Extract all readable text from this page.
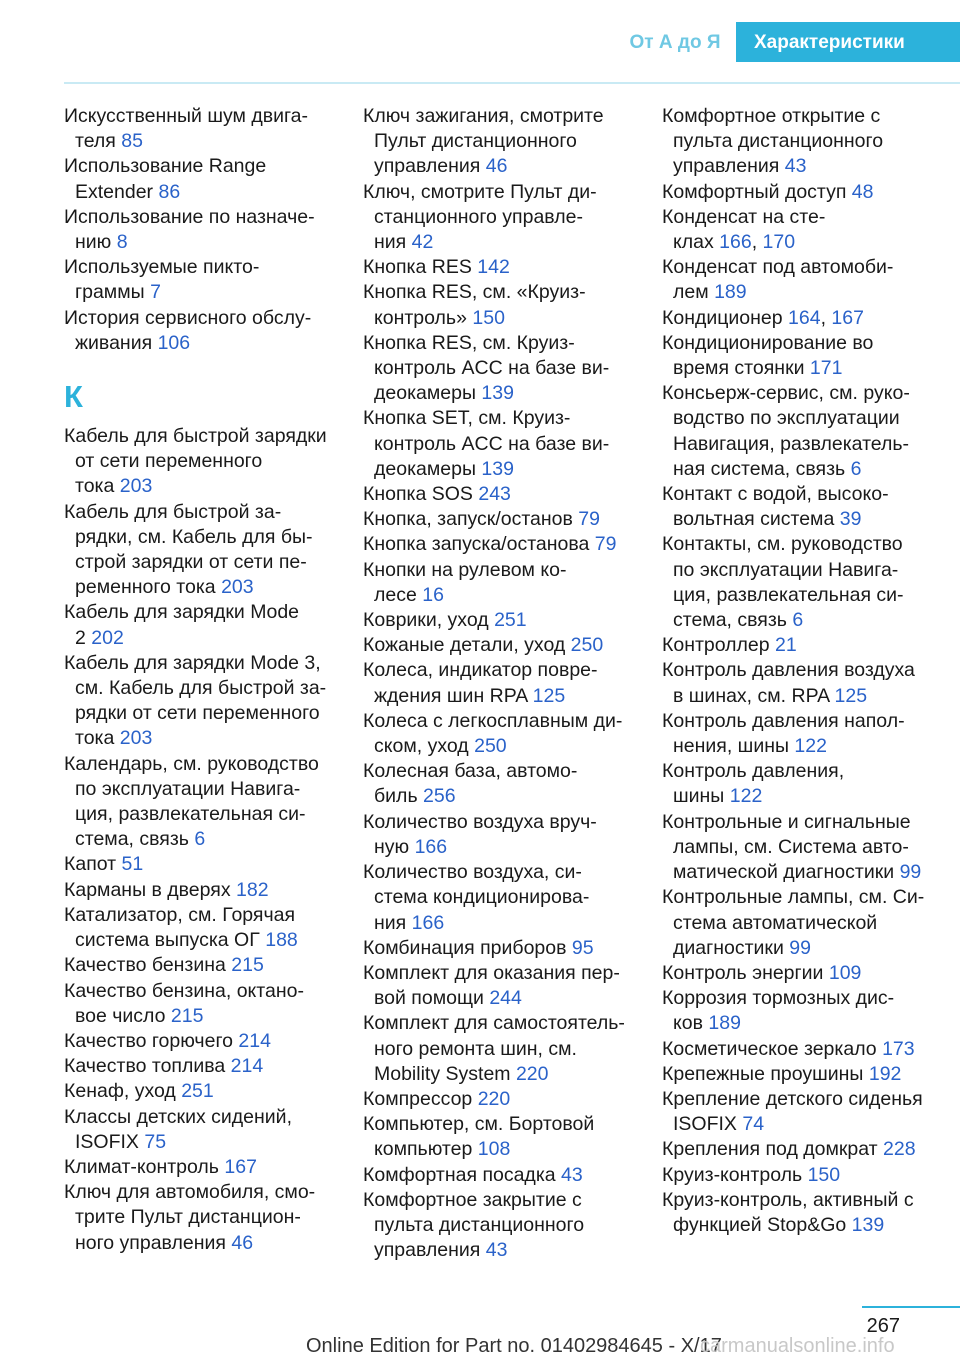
От А до Я	Характеристики
Искусственный шум двига-
теля 85
Использование Range
Extender 86
Использование по назначе-
нию 8
Используемые пикто-
граммы 7
История сервисного обслу-
живания 106
К
Кабель для быстрой зарядки
от сети переменного
тока 203
Кабель для быстрой за-
рядки, см. Кабель для бы-
строй зарядки от сети пе-
ременного тока 203
Кабель для зарядки Mode
2 202
Кабель для зарядки Mode 3,
см. Кабель для быстрой за-
рядки от сети переменного
тока 203
Календарь, см. руководство
по эксплуатации Навига-
ция, развлекательная си-
стема, связь 6
Капот 51
Карманы в дверях 182
Катализатор, см. Горячая
система выпуска ОГ 188
Качество бензина 215
Качество бензина, октано-
вое число 215
Качество горючего 214
Качество топлива 214
Кенаф, уход 251
Классы детских сидений,
ISOFIX 75
Климат-контроль 167
Ключ для автомобиля, смо-
трите Пульт дистанцион-
ного управления 46
Ключ зажигания, смотрите
Пульт дистанционного
управления 46
Ключ, смотрите Пульт ди-
станционного управле-
ния 42
Кнопка RES 142
Кнопка RES, см. «Круиз-
контроль» 150
Кнопка RES, см. Круиз-
контроль ACC на базе ви-
деокамеры 139
Кнопка SET, см. Круиз-
контроль ACC на базе ви-
деокамеры 139
Кнопка SOS 243
Кнопка, запуск/останов 79
Кнопка запуска/останова 79
Кнопки на рулевом ко-
лесе 16
Коврики, уход 251
Кожаные детали, уход 250
Колеса, индикатор повре-
ждения шин RPA 125
Колеса с легкосплавным ди-
ском, уход 250
Колесная база, автомо-
биль 256
Количество воздуха вруч-
ную 166
Количество воздуха, си-
стема кондиционирова-
ния 166
Комбинация приборов 95
Комплект для оказания пер-
вой помощи 244
Комплект для самостоятель-
ного ремонта шин, см.
Mobility System 220
Компрессор 220
Компьютер, см. Бортовой
компьютер 108
Комфортная посадка 43
Комфортное закрытие с
пульта дистанционного
управления 43
Комфортное открытие с
пульта дистанционного
управления 43
Комфортный доступ 48
Конденсат на сте-
клах 166, 170
Конденсат под автомоби-
лем 189
Кондиционер 164, 167
Кондиционирование во
время стоянки 171
Консьерж-сервис, см. руко-
водство по эксплуатации
Навигация, развлекатель-
ная система, связь 6
Контакт с водой, высоко-
вольтная система 39
Контакты, см. руководство
по эксплуатации Навига-
ция, развлекательная си-
стема, связь 6
Контроллер 21
Контроль давления воздуха
в шинах, см. RPA 125
Контроль давления напол-
нения, шины 122
Контроль давления,
шины 122
Контрольные и сигнальные
лампы, см. Система авто-
матической диагностики 99
Контрольные лампы, см. Си-
стема автоматической
диагностики 99
Контроль энергии 109
Коррозия тормозных дис-
ков 189
Косметическое зеркало 173
Крепежные проушины 192
Крепление детского сиденья
ISOFIX 74
Крепления под домкрат 228
Круиз-контроль 150
Круиз-контроль, активный с
функцией Stop&Go 139
267
Online Edition for Part no. 01402984645 - X/17
carmanualsonline.info
